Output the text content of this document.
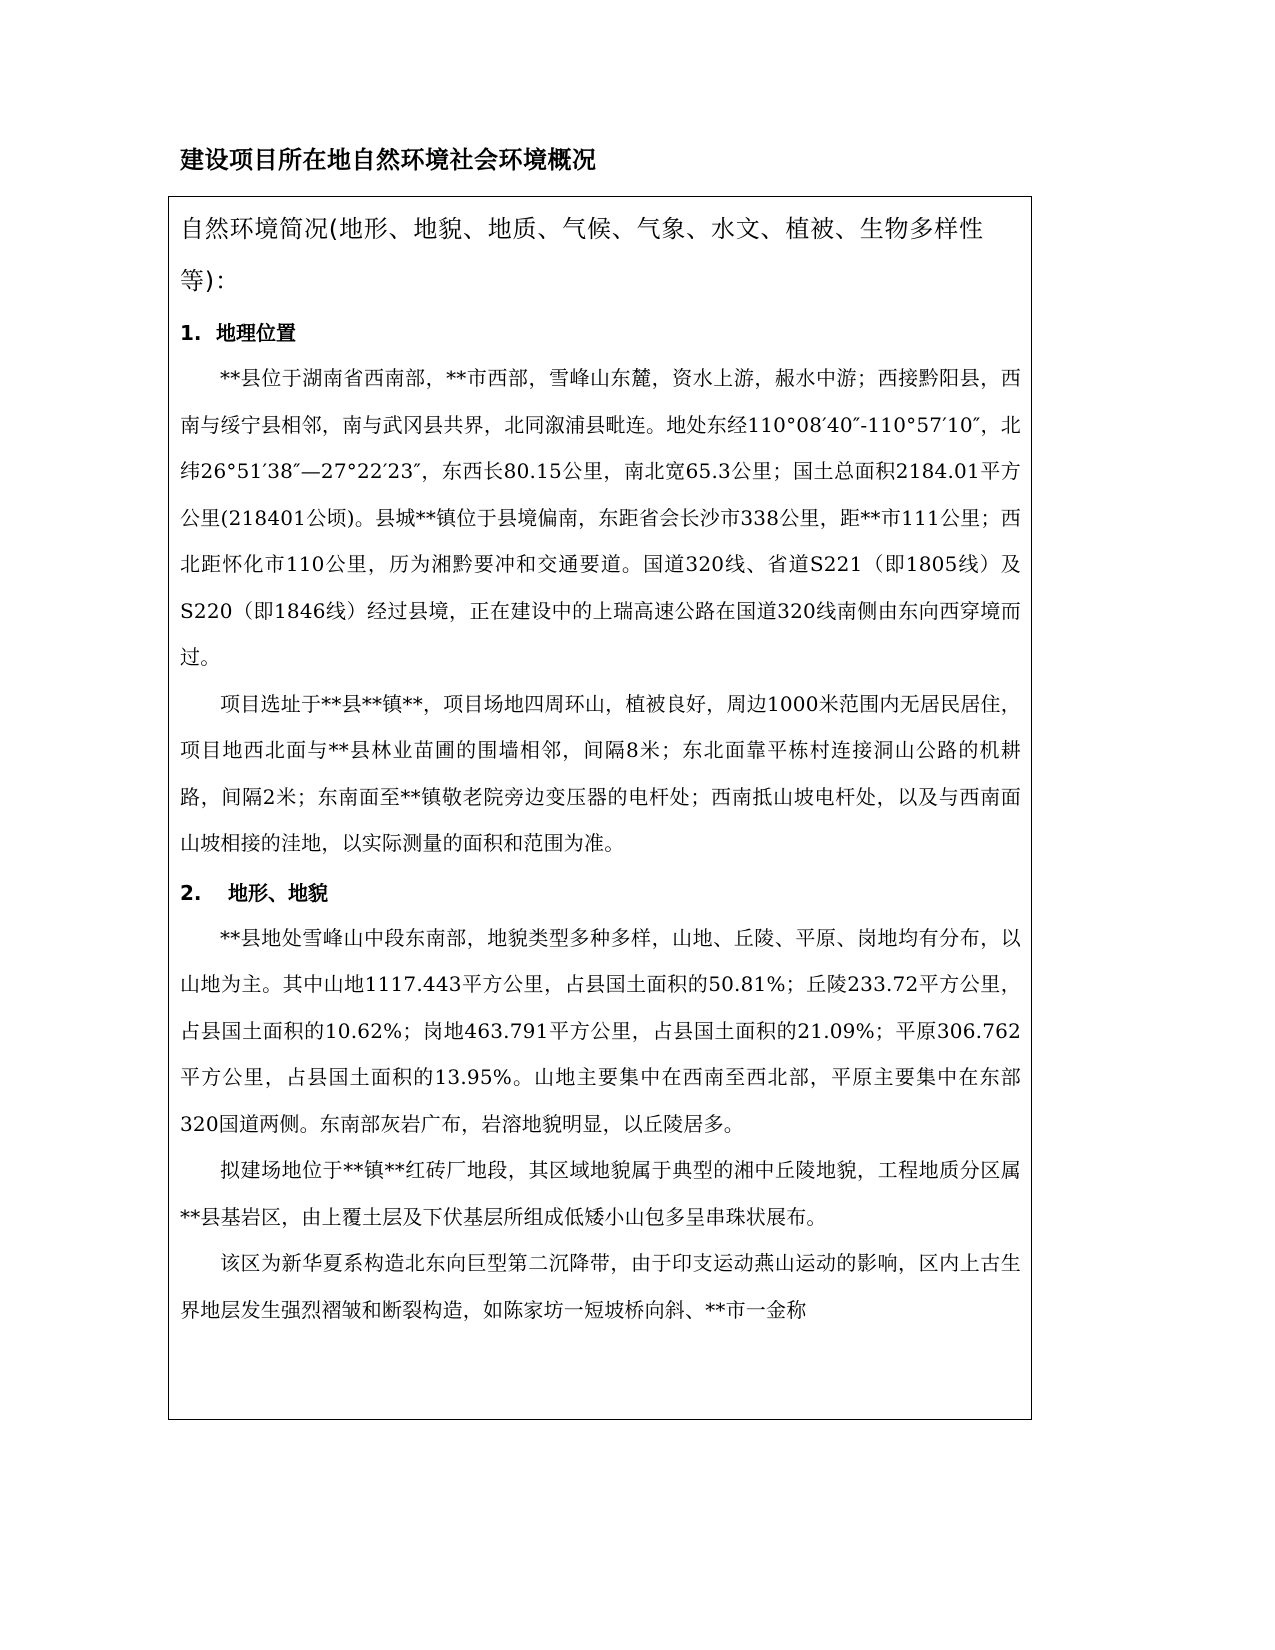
建设项目所在地自然环境社会环境概况

自然环境简况(地形、地貌、地质、气候、气象、水文、植被、生物多样性等)：

1. 地理位置

**县位于湖南省西南部，**市西部，雪峰山东麓，资水上游，赧水中游；西接黔阳县，西南与绥宁县相邻，南与武冈县共界，北同溆浦县毗连。地处东经110°08′40″-110°57′10″，北纬26°51′38″—27°22′23″，东西长80.15公里，南北宽65.3公里；国土总面积2184.01平方公里(218401公顷)。县城**镇位于县境偏南，东距省会长沙市338公里，距**市111公里；西北距怀化市110公里，历为湘黔要冲和交通要道。国道320线、省道S221（即1805线）及S220（即1846线）经过县境，正在建设中的上瑞高速公路在国道320线南侧由东向西穿境而过。

项目选址于**县**镇**，项目场地四周环山，植被良好，周边1000米范围内无居民居住，项目地西北面与**县林业苗圃的围墙相邻，间隔8米；东北面靠平栋村连接洞山公路的机耕路，间隔2米；东南面至**镇敬老院旁边变压器的电杆处；西南抵山坡电杆处，以及与西南面山坡相接的洼地，以实际测量的面积和范围为准。

2. 地形、地貌

**县地处雪峰山中段东南部，地貌类型多种多样，山地、丘陵、平原、岗地均有分布，以山地为主。其中山地1117.443平方公里，占县国土面积的50.81%；丘陵233.72平方公里，占县国土面积的10.62%；岗地463.791平方公里，占县国土面积的21.09%；平原306.762平方公里，占县国土面积的13.95%。山地主要集中在西南至西北部，平原主要集中在东部320国道两侧。东南部灰岩广布，岩溶地貌明显，以丘陵居多。

拟建场地位于**镇**红砖厂地段，其区域地貌属于典型的湘中丘陵地貌，工程地质分区属**县基岩区，由上覆土层及下伏基层所组成低矮小山包多呈串珠状展布。

该区为新华夏系构造北东向巨型第二沉降带，由于印支运动燕山运动的影响，区内上古生界地层发生强烈褶皱和断裂构造，如陈家坊一短坡桥向斜、**市一金称
